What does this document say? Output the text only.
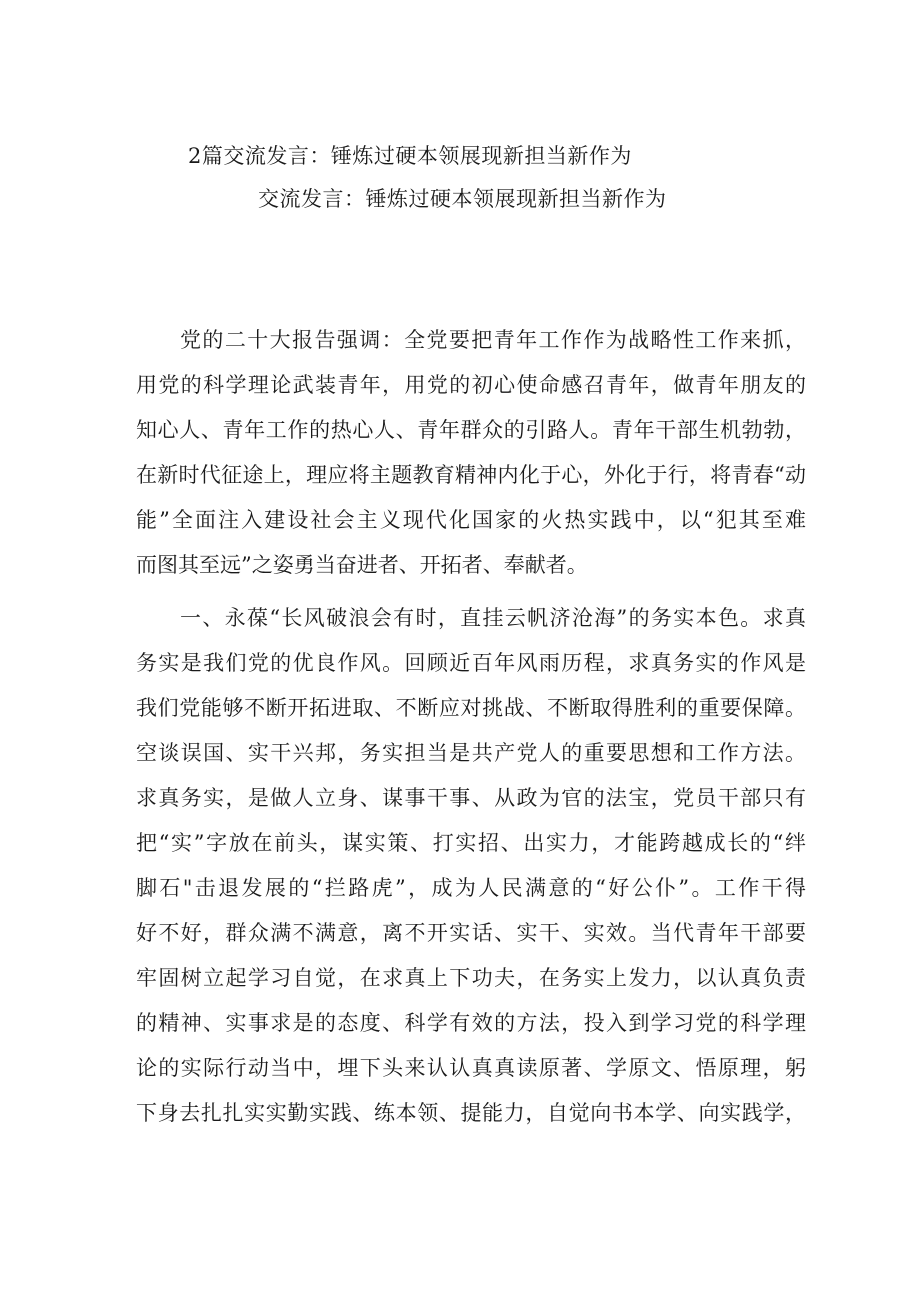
2篇交流发言：锤炼过硬本领展现新担当新作为
交流发言：锤炼过硬本领展现新担当新作为

党的二十大报告强调：全党要把青年工作作为战略性工作来抓，

用党的科学理论武装青年，用党的初心使命感召青年，做青年朋友的

知心人、青年工作的热心人、青年群众的引路人。青年干部生机勃勃，

在新时代征途上，理应将主题教育精神内化于心，外化于行，将青春“动

能”全面注入建设社会主义现代化国家的火热实践中，以“犯其至难

而图其至远”之姿勇当奋进者、开拓者、奉献者。

一、永葆“长风破浪会有时，直挂云帆济沧海”的务实本色。求真

务实是我们党的优良作风。回顾近百年风雨历程，求真务实的作风是

我们党能够不断开拓进取、不断应对挑战、不断取得胜利的重要保障。

空谈误国、实干兴邦，务实担当是共产党人的重要思想和工作方法。

求真务实，是做人立身、谋事干事、从政为官的法宝，党员干部只有

把“实”字放在前头，谋实策、打实招、出实力，才能跨越成长的“绊

脚石"击退发展的“拦路虎”，成为人民满意的“好公仆”。工作干得

好不好，群众满不满意，离不开实话、实干、实效。当代青年干部要

牢固树立起学习自觉，在求真上下功夫，在务实上发力，以认真负责

的精神、实事求是的态度、科学有效的方法，投入到学习党的科学理

论的实际行动当中，埋下头来认认真真读原著、学原文、悟原理，躬

下身去扎扎实实勤实践、练本领、提能力，自觉向书本学、向实践学，
